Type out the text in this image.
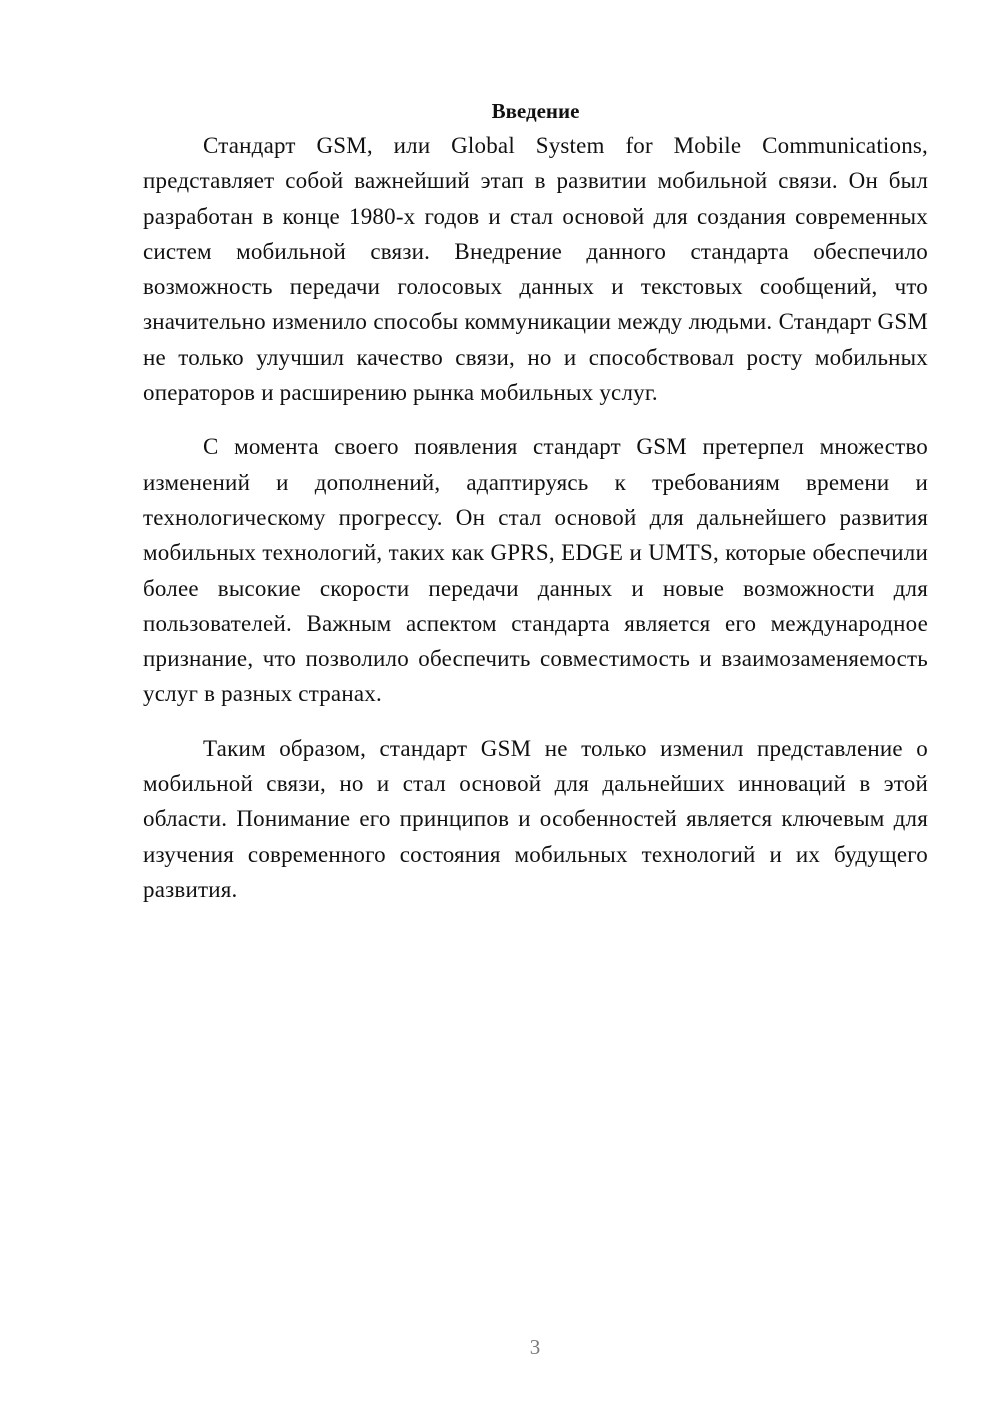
Введение

Стандарт GSM, или Global System for Mobile Communications, представляет собой важнейший этап в развитии мобильной связи. Он был разработан в конце 1980-х годов и стал основой для создания современных систем мобильной связи. Внедрение данного стандарта обеспечило возможность передачи голосовых данных и текстовых сообщений, что значительно изменило способы коммуникации между людьми. Стандарт GSM не только улучшил качество связи, но и способствовал росту мобильных операторов и расширению рынка мобильных услуг.

С момента своего появления стандарт GSM претерпел множество изменений и дополнений, адаптируясь к требованиям времени и технологическому прогрессу. Он стал основой для дальнейшего развития мобильных технологий, таких как GPRS, EDGE и UMTS, которые обеспечили более высокие скорости передачи данных и новые возможности для пользователей. Важным аспектом стандарта является его международное признание, что позволило обеспечить совместимость и взаимозаменяемость услуг в разных странах.

Таким образом, стандарт GSM не только изменил представление о мобильной связи, но и стал основой для дальнейших инноваций в этой области. Понимание его принципов и особенностей является ключевым для изучения современного состояния мобильных технологий и их будущего развития.

3
